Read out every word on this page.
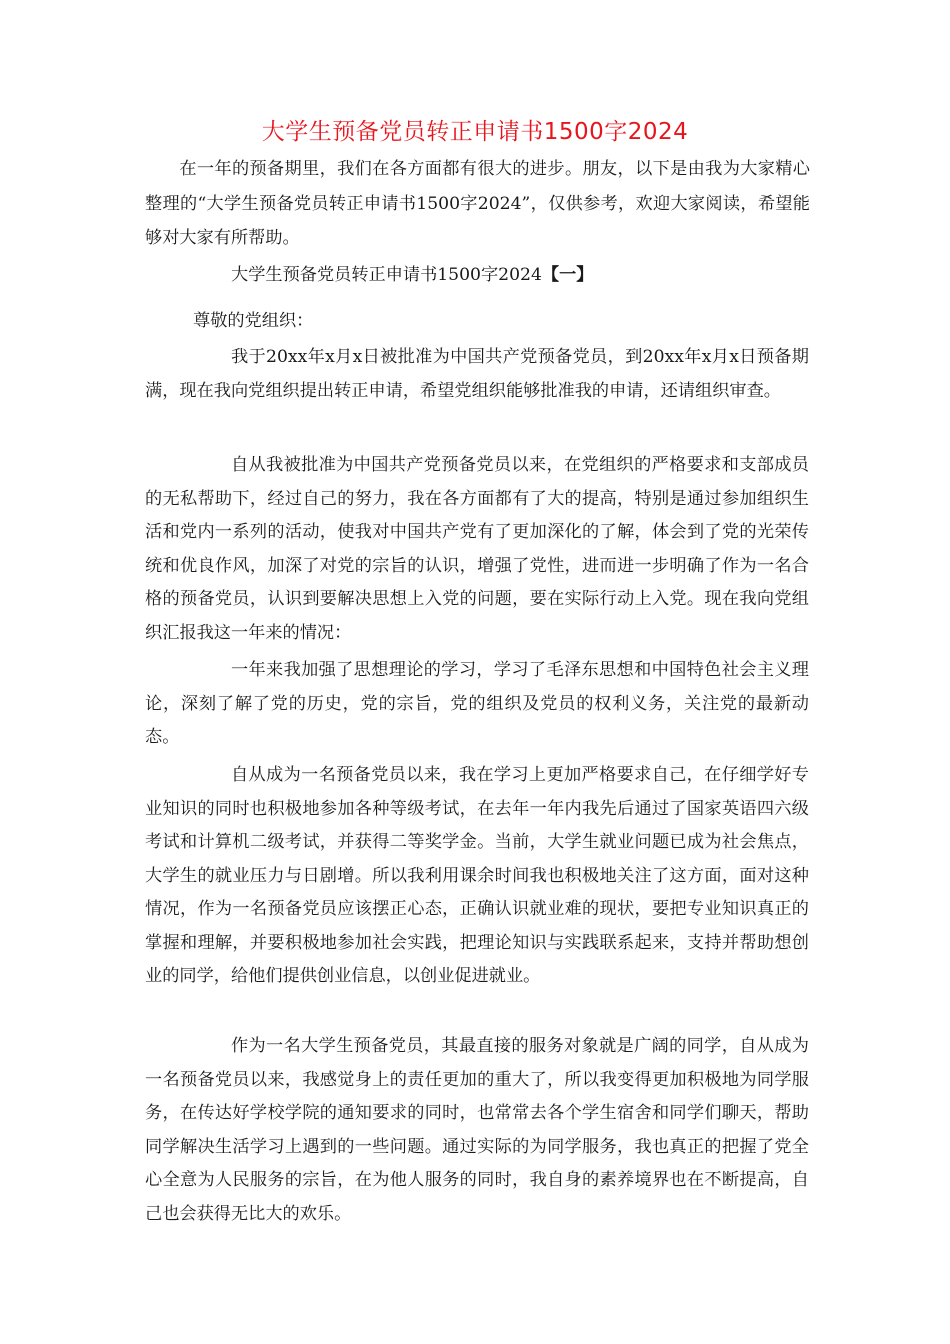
大学生预备党员转正申请书1500字2024

在一年的预备期里，我们在各方面都有很大的进步。朋友，以下是由我为大家精心整理的“大学生预备党员转正申请书1500字2024”，仅供参考，欢迎大家阅读，希望能够对大家有所帮助。

大学生预备党员转正申请书1500字2024【一】

尊敬的党组织：

我于20xx年x月x日被批准为中国共产党预备党员，到20xx年x月x日预备期满，现在我向党组织提出转正申请，希望党组织能够批准我的申请，还请组织审查。

自从我被批准为中国共产党预备党员以来，在党组织的严格要求和支部成员的无私帮助下，经过自己的努力，我在各方面都有了大的提高，特别是通过参加组织生活和党内一系列的活动，使我对中国共产党有了更加深化的了解，体会到了党的光荣传统和优良作风，加深了对党的宗旨的认识，增强了党性，进而进一步明确了作为一名合格的预备党员，认识到要解决思想上入党的问题，要在实际行动上入党。现在我向党组织汇报我这一年来的情况：

一年来我加强了思想理论的学习，学习了毛泽东思想和中国特色社会主义理论，深刻了解了党的历史，党的宗旨，党的组织及党员的权利义务，关注党的最新动态。

自从成为一名预备党员以来，我在学习上更加严格要求自己，在仔细学好专业知识的同时也积极地参加各种等级考试，在去年一年内我先后通过了国家英语四六级考试和计算机二级考试，并获得二等奖学金。当前，大学生就业问题已成为社会焦点，大学生的就业压力与日剧增。所以我利用课余时间我也积极地关注了这方面，面对这种情况，作为一名预备党员应该摆正心态，正确认识就业难的现状，要把专业知识真正的掌握和理解，并要积极地参加社会实践，把理论知识与实践联系起来，支持并帮助想创业的同学，给他们提供创业信息，以创业促进就业。

作为一名大学生预备党员，其最直接的服务对象就是广阔的同学，自从成为一名预备党员以来，我感觉身上的责任更加的重大了，所以我变得更加积极地为同学服务，在传达好学校学院的通知要求的同时，也常常去各个学生宿舍和同学们聊天，帮助同学解决生活学习上遇到的一些问题。通过实际的为同学服务，我也真正的把握了党全心全意为人民服务的宗旨，在为他人服务的同时，我自身的素养境界也在不断提高，自己也会获得无比大的欢乐。
